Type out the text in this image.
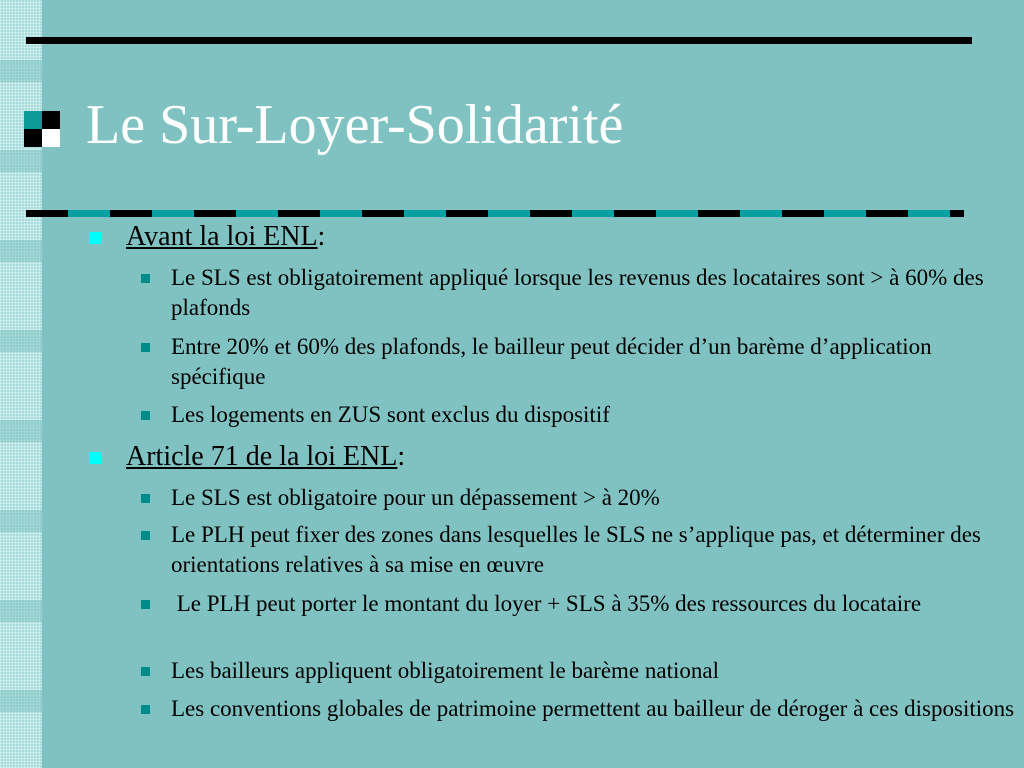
Le Sur-Loyer-Solidarité
Avant la loi ENL:
Le SLS est obligatoirement appliqué lorsque les revenus des locataires sont > à 60% des plafonds
Entre 20% et 60% des plafonds, le bailleur peut décider d’un barème d’application spécifique
Les logements en ZUS sont exclus du dispositif
Article 71 de la loi ENL:
Le SLS est obligatoire pour un dépassement > à 20%
Le PLH peut fixer des zones dans lesquelles le SLS ne s’applique pas, et déterminer des orientations relatives à sa mise en œuvre
Le PLH peut porter le montant du loyer + SLS à 35% des ressources du locataire
Les bailleurs appliquent obligatoirement le barème national
Les conventions globales de patrimoine permettent au bailleur de déroger à ces dispositions
